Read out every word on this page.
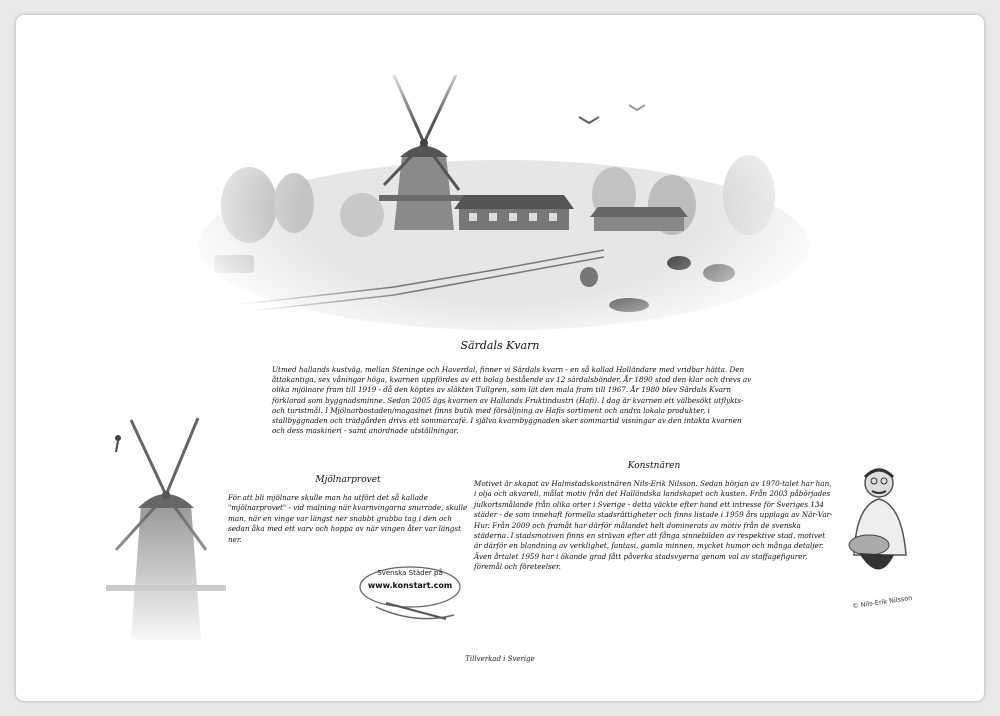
Särdals Kvarn
Utmed hallands kustväg, mellan Steninge och Haverdal, finner vi Särdals kvarn - en så kallad Holländare med vridbar hätta. Den åttakantiga, sex våningar höga, kvarnen uppfördes av ett bolag bestående av 12 särdalsbönder. År 1890 stod den klar och drevs av olika mjölnare fram till 1919 - då den köptes av släkten Tullgren, som lät den mala fram till 1967. År 1980 blev Särdals Kvarn förklarad som byggnadsminne. Sedan 2005 ägs kvarnen av Hallands Fruktindustri (Hafi). I dag är kvarnen ett välbesökt utflykts- och turistmål. I Mjölnarbostaden/magasinet finns butik med försäljning av Hafis sortiment och andra lokala produkter, i stallbyggnaden och trädgården drivs ett sommarcafé. I själva kvarnbyggnaden sker sommartid visningar av den intakta kvarnen och dess maskineri - samt anordnade utställningar.
Mjölnarprovet
För att bli mjölnare skulle man ha utfört det så kallade "mjölnarprovet" - vid malning när kvarnvingarna snurrade, skulle man, när en vinge var längst ner snabbt grabba tag i den och sedan åka med ett varv och hoppa av när vingen åter var längst ner.
Konstnären
Motivet är skapat av Halmstadskonstnären Nils-Erik Nilsson. Sedan början av 1970-talet har han, i olja och akvarell, målat motiv från det Halländska landskapet och kusten. Från 2003 påbörjades julkortsmålande från olika orter i Sverige - detta väckte efter hand ett intresse för Sveriges 134 städer - de som innehaft formella stadsrättigheter och finns listade i 1959 års upplaga av När-Var-Hur. Från 2009 och framåt har därför målandet helt dominerats av motiv från de svenska städerna. I stadsmotiven finns en strävan efter att fånga sinnebilden av respektive stad, motivet är därför en blandning av verklighet, fantasi, gamla minnen, mycket humor och många detaljer. Även årtalet 1959 har i ökande grad fått påverka stadsvyerna genom val av staffagefigurer, föremål och företeelser.
© Nils-Erik Nilsson
Svenska Städer på
www.konstart.com
Tillverkad i Sverige
